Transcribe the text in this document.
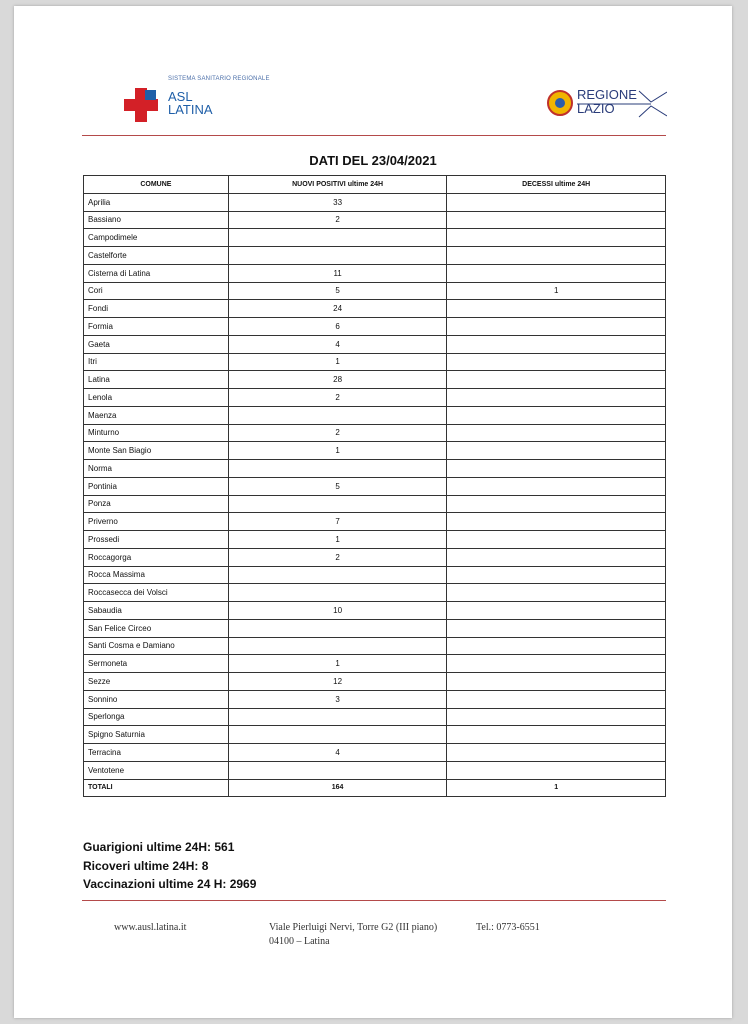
SISTEMA SANITARIO REGIONALE
ASL
LATINA
REGIONE
LAZIO
DATI DEL 23/04/2021
COMUNE	NUOVI POSITIVI ultime 24H	DECESSI ultime 24H
Aprilia	33	
Bassiano	2	
Campodimele		
Castelforte		
Cisterna di Latina	11	
Cori	5	1
Fondi	24	
Formia	6	
Gaeta	4	
Itri	1	
Latina	28	
Lenola	2	
Maenza		
Minturno	2	
Monte San Biagio	1	
Norma		
Pontinia	5	
Ponza		
Priverno	7	
Prossedi	1	
Roccagorga	2	
Rocca Massima		
Roccasecca dei Volsci		
Sabaudia	10	
San Felice Circeo		
Santi Cosma e Damiano		
Sermoneta	1	
Sezze	12	
Sonnino	3	
Sperlonga		
Spigno Saturnia		
Terracina	4	
Ventotene		
TOTALI	164	1
Guarigioni ultime 24H: 561
Ricoveri ultime 24H: 8
Vaccinazioni ultime 24 H: 2969
www.ausl.latina.it	Viale Pierluigi Nervi, Torre G2 (III piano)
04100 – Latina
Tel.: 0773-6551
